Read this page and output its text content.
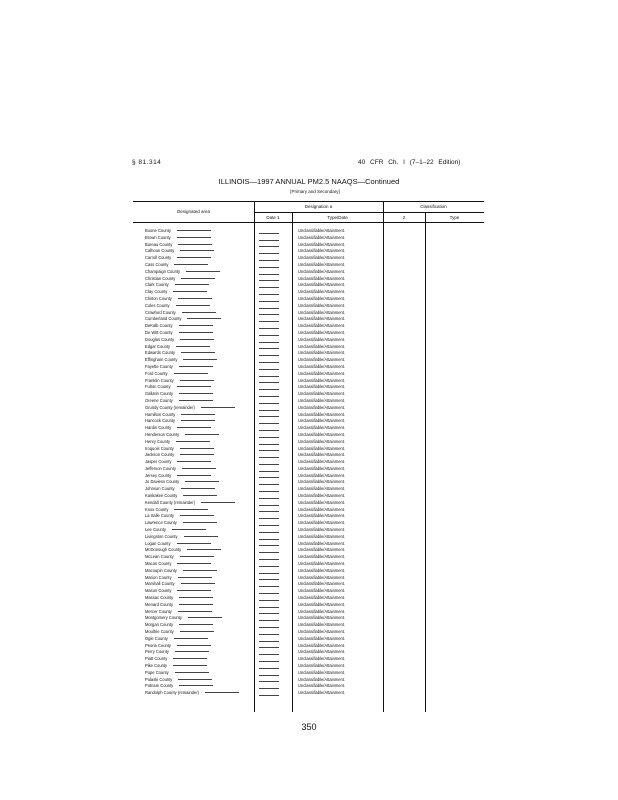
§ 81.314	40 CFR Ch. I (7–1–22 Edition)
ILLINOIS—1997 ANNUAL PM2.5 NAAQS—Continued
[Primary and Secondary]
Designated area
Designation a	Classification
Date 1	Type/Date	2	Type
Boone County	Unclassifiable/Attainment.
Brown County	Unclassifiable/Attainment.
Bureau County	Unclassifiable/Attainment.
Calhoun County	Unclassifiable/Attainment.
Carroll County	Unclassifiable/Attainment.
Cass County	Unclassifiable/Attainment.
Champaign County	Unclassifiable/Attainment.
Christian County	Unclassifiable/Attainment.
Clark County	Unclassifiable/Attainment.
Clay County	Unclassifiable/Attainment.
Clinton County	Unclassifiable/Attainment.
Coles County	Unclassifiable/Attainment.
Crawford County	Unclassifiable/Attainment.
Cumberland County	Unclassifiable/Attainment.
DeKalb County	Unclassifiable/Attainment.
De Witt County	Unclassifiable/Attainment.
Douglas County	Unclassifiable/Attainment.
Edgar County	Unclassifiable/Attainment.
Edwards County	Unclassifiable/Attainment.
Effingham County	Unclassifiable/Attainment.
Fayette County	Unclassifiable/Attainment.
Ford County	Unclassifiable/Attainment.
Franklin County	Unclassifiable/Attainment.
Fulton County	Unclassifiable/Attainment.
Gallatin County	Unclassifiable/Attainment.
Greene County	Unclassifiable/Attainment.
Grundy County (remainder)	Unclassifiable/Attainment.
Hamilton County	Unclassifiable/Attainment.
Hancock County	Unclassifiable/Attainment.
Hardin County	Unclassifiable/Attainment.
Henderson County	Unclassifiable/Attainment.
Henry County	Unclassifiable/Attainment.
Iroquois County	Unclassifiable/Attainment.
Jackson County	Unclassifiable/Attainment.
Jasper County	Unclassifiable/Attainment.
Jefferson County	Unclassifiable/Attainment.
Jersey County	Unclassifiable/Attainment.
Jo Daviess County	Unclassifiable/Attainment.
Johnson County	Unclassifiable/Attainment.
Kankakee County	Unclassifiable/Attainment.
Kendall County (remainder)	Unclassifiable/Attainment.
Knox County	Unclassifiable/Attainment.
La Salle County	Unclassifiable/Attainment.
Lawrence County	Unclassifiable/Attainment.
Lee County	Unclassifiable/Attainment.
Livingston County	Unclassifiable/Attainment.
Logan County	Unclassifiable/Attainment.
McDonough County	Unclassifiable/Attainment.
McLean County	Unclassifiable/Attainment.
Macon County	Unclassifiable/Attainment.
Macoupin County	Unclassifiable/Attainment.
Marion County	Unclassifiable/Attainment.
Marshall County	Unclassifiable/Attainment.
Mason County	Unclassifiable/Attainment.
Massac County	Unclassifiable/Attainment.
Menard County	Unclassifiable/Attainment.
Mercer County	Unclassifiable/Attainment.
Montgomery County	Unclassifiable/Attainment.
Morgan County	Unclassifiable/Attainment.
Moultrie County	Unclassifiable/Attainment.
Ogle County	Unclassifiable/Attainment.
Peoria County	Unclassifiable/Attainment.
Perry County	Unclassifiable/Attainment.
Piatt County	Unclassifiable/Attainment.
Pike County	Unclassifiable/Attainment.
Pope County	Unclassifiable/Attainment.
Pulaski County	Unclassifiable/Attainment.
Putnam County	Unclassifiable/Attainment.
Randolph County (remainder)	Unclassifiable/Attainment.
350
